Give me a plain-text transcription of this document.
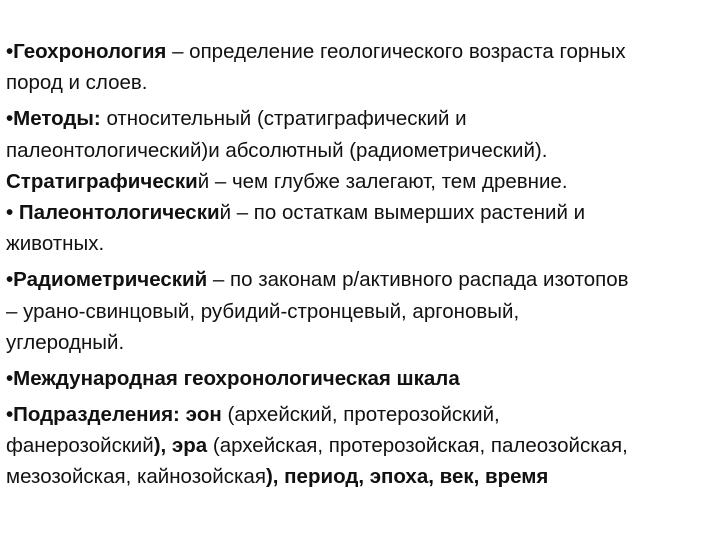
•Геохронология – определение геологического возраста горных
пород и слоев.
•Методы: относительный (стратиграфический и
палеонтологический)и абсолютный (радиометрический).
Стратиграфический – чем глубже залегают, тем древние.
• Палеонтологический – по остаткам вымерших растений и
животных.
•Радиометрический – по законам р/активного распада изотопов
– урано-свинцовый, рубидий-стронцевый, аргоновый,
углеродный.
•Международная геохронологическая шкала
•Подразделения: эон (архейский, протерозойский,
фанерозойский), эра (архейская, протерозойская, палеозойская,
мезозойская, кайнозойская), период, эпоха, век, время
